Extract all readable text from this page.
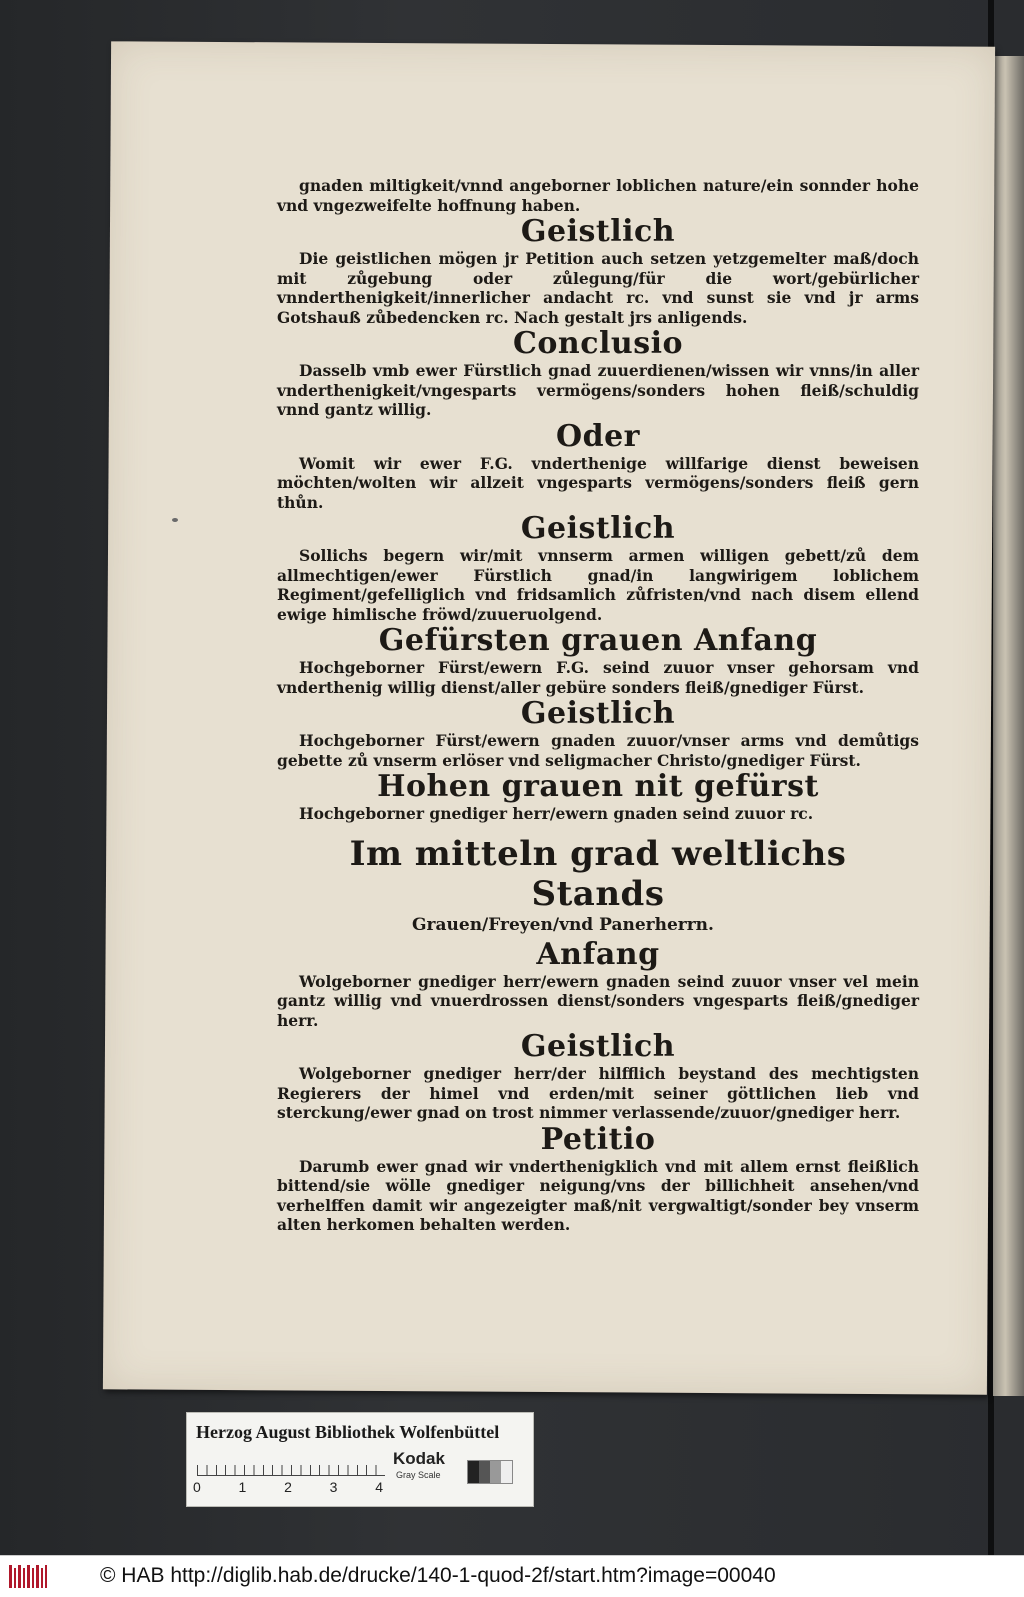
gnaden miltigkeit/vnnd angeborner loblichen nature/ein sonnder hohe vnd vngezweifelte hoffnung haben.

Geistlich

Die geistlichen mögen jr Petition auch setzen yetzgemelter maß/doch mit zůgebung oder zůlegung/für die wort/gebürlicher vnnderthenigkeit/innerlicher andacht rc. vnd sunst sie vnd jr arms Gotshauß zůbedencken rc. Nach gestalt jrs anligends.

Conclusio

Dasselb vmb ewer Fürstlich gnad zuuerdienen/wissen wir vnns/in aller vnderthenigkeit/vngesparts vermögens/sonders hohen fleiß/schuldig vnnd gantz willig.

Oder

Womit wir ewer F.G. vnderthenige willfarige dienst beweisen möchten/wolten wir allzeit vngesparts vermögens/sonders fleiß gern thůn.

Geistlich

Sollichs begern wir/mit vnnserm armen willigen gebett/zů dem allmechtigen/ewer Fürstlich gnad/in langwirigem loblichem Regiment/gefelliglich vnd fridsamlich zůfristen/vnd nach disem ellend ewige himlische fröwd/zuueruolgend.

Gefürsten grauen Anfang

Hochgeborner Fürst/ewern F.G. seind zuuor vnser gehorsam vnd vnderthenig willig dienst/aller gebüre sonders fleiß/gnediger Fürst.

Geistlich

Hochgeborner Fürst/ewern gnaden zuuor/vnser arms vnd demůtigs gebette zů vnserm erlöser vnd seligmacher Christo/gnediger Fürst.

Hohen grauen nit gefürst

Hochgeborner gnediger herr/ewern gnaden seind zuuor rc.

Im mitteln grad weltlichs Stands
Grauen/Freyen/vnd Panerherrn.
Anfang

Wolgeborner gnediger herr/ewern gnaden seind zuuor vnser vel mein gantz willig vnd vnuerdrossen dienst/sonders vngesparts fleiß/gnediger herr.

Geistlich

Wolgeborner gnediger herr/der hilfflich beystand des mechtigsten Regierers der himel vnd erden/mit seiner göttlichen lieb vnd sterckung/ewer gnad on trost nimmer verlassende/zuuor/gnediger herr.

Petitio

Darumb ewer gnad wir vnderthenigklich vnd mit allem ernst fleißlich bittend/sie wölle gnediger neigung/vns der billichheit ansehen/vnd verhelffen damit wir angezeigter maß/nit vergwaltigt/sonder bey vnserm alten herkomen behalten werden.

Herzog August Bibliothek Wolfenbüttel
0	1	2	3	4
Kodak
Gray Scale
© HAB http://diglib.hab.de/drucke/140-1-quod-2f/start.htm?image=00040
